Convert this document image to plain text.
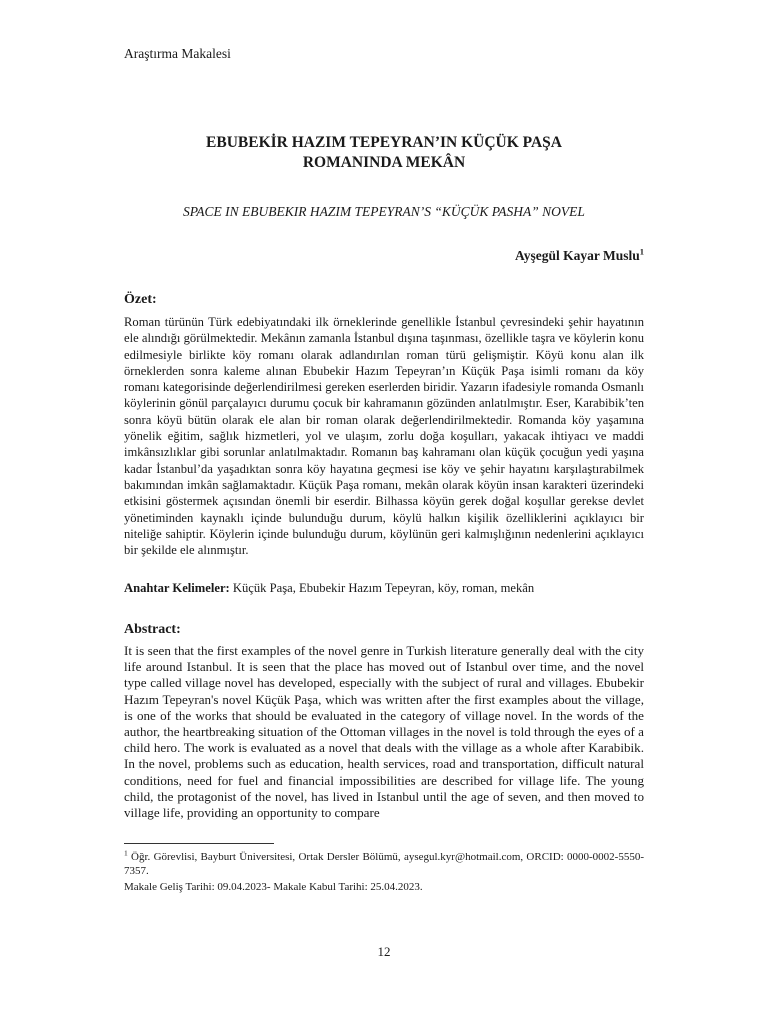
Araştırma Makalesi
EBUBEKİR HAZIM TEPEYRAN’IN KÜÇÜK PAŞA
ROMANINDA MEKÂN
SPACE IN EBUBEKIR HAZIM TEPEYRAN’S “KÜÇÜK PASHA” NOVEL
Ayşegül Kayar Muslu$^1$
Özet:
Roman türünün Türk edebiyatındaki ilk örneklerinde genellikle İstanbul çevresindeki şehir hayatının ele alındığı görülmektedir. Mekânın zamanla İstanbul dışına taşınması, özellikle taşra ve köylerin konu edilmesiyle birlikte köy romanı olarak adlandırılan roman türü gelişmiştir. Köyü konu alan ilk örneklerden sonra kaleme alınan Ebubekir Hazım Tepeyran’ın Küçük Paşa isimli romanı da köy romanı kategorisinde değerlendirilmesi gereken eserlerden biridir. Yazarın ifadesiyle romanda Osmanlı köylerinin gönül parçalayıcı durumu çocuk bir kahramanın gözünden anlatılmıştır. Eser, Karabibik’ten sonra köyü bütün olarak ele alan bir roman olarak değerlendirilmektedir. Romanda köy yaşamına yönelik eğitim, sağlık hizmetleri, yol ve ulaşım, zorlu doğa koşulları, yakacak ihtiyacı ve maddi imkânsızlıklar gibi sorunlar anlatılmaktadır. Romanın baş kahramanı olan küçük çocuğun yedi yaşına kadar İstanbul’da yaşadıktan sonra köy hayatına geçmesi ise köy ve şehir hayatını karşılaştırabilmek bakımından imkân sağlamaktadır. Küçük Paşa romanı, mekân olarak köyün insan karakteri üzerindeki etkisini göstermek açısından önemli bir eserdir. Bilhassa köyün gerek doğal koşullar gerekse devlet yönetiminden kaynaklı içinde bulunduğu durum, köylü halkın kişilik özelliklerini açıklayıcı bir niteliğe sahiptir. Köylerin içinde bulunduğu durum, köylünün geri kalmışlığının nedenlerini açıklayıcı bir şekilde ele alınmıştır.
Anahtar Kelimeler: Küçük Paşa, Ebubekir Hazım Tepeyran, köy, roman, mekân
Abstract:
It is seen that the first examples of the novel genre in Turkish literature generally deal with the city life around Istanbul. It is seen that the place has moved out of Istanbul over time, and the novel type called village novel has developed, especially with the subject of rural and villages. Ebubekir Hazım Tepeyran's novel Küçük Paşa, which was written after the first examples about the village, is one of the works that should be evaluated in the category of village novel. In the words of the author, the heartbreaking situation of the Ottoman villages in the novel is told through the eyes of a child hero. The work is evaluated as a novel that deals with the village as a whole after Karabibik. In the novel, problems such as education, health services, road and transportation, difficult natural conditions, need for fuel and financial impossibilities are described for village life. The young child, the protagonist of the novel, has lived in Istanbul until the age of seven, and then moved to village life, providing an opportunity to compare
$^1$ Öğr. Görevlisi, Bayburt Üniversitesi, Ortak Dersler Bölümü, aysegul.kyr@hotmail.com, ORCID: 0000-0002-5550-7357.
Makale Geliş Tarihi: 09.04.2023- Makale Kabul Tarihi: 25.04.2023.
12
